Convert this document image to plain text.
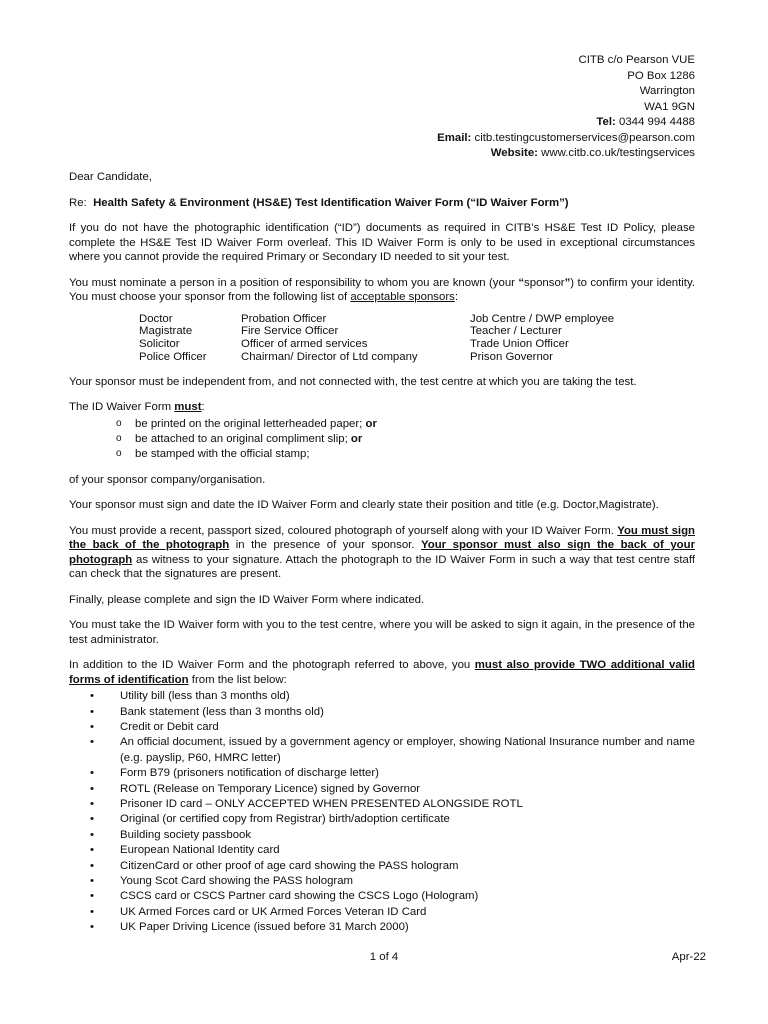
CITB c/o Pearson VUE
PO Box 1286
Warrington
WA1 9GN
Tel: 0344 994 4488
Email: citb.testingcustomerservices@pearson.com
Website: www.citb.co.uk/testingservices

Dear Candidate,

Re: Health Safety & Environment (HS&E) Test Identification Waiver Form (“ID Waiver Form”)

If you do not have the photographic identification (“ID”) documents as required in CITB’s HS&E Test ID Policy, please complete the HS&E Test ID Waiver Form overleaf. This ID Waiver Form is only to be used in exceptional circumstances where you cannot provide the required Primary or Secondary ID needed to sit your test.

You must nominate a person in a position of responsibility to whom you are known (your “sponsor”) to confirm your identity. You must choose your sponsor from the following list of acceptable sponsors:

Doctor	Probation Officer	Job Centre / DWP employee
Magistrate	Fire Service Officer	Teacher / Lecturer
Solicitor	Officer of armed services	Trade Union Officer
Police Officer	Chairman/ Director of Ltd company	Prison Governor

Your sponsor must be independent from, and not connected with, the test centre at which you are taking the test.

The ID Waiver Form must:

o be printed on the original letterheaded paper; or
o be attached to an original compliment slip; or
o be stamped with the official stamp;

of your sponsor company/organisation.

Your sponsor must sign and date the ID Waiver Form and clearly state their position and title (e.g. Doctor,Magistrate).

You must provide a recent, passport sized, coloured photograph of yourself along with your ID Waiver Form. You must sign the back of the photograph in the presence of your sponsor. Your sponsor must also sign the back of your photograph as witness to your signature. Attach the photograph to the ID Waiver Form in such a way that test centre staff can check that the signatures are present.

Finally, please complete and sign the ID Waiver Form where indicated.

You must take the ID Waiver form with you to the test centre, where you will be asked to sign it again, in the presence of the test administrator.

In addition to the ID Waiver Form and the photograph referred to above, you must also provide TWO additional valid forms of identification from the list below:

• Utility bill (less than 3 months old)
• Bank statement (less than 3 months old)
• Credit or Debit card
• An official document, issued by a government agency or employer, showing National Insurance number and name (e.g. payslip, P60, HMRC letter)
• Form B79 (prisoners notification of discharge letter)
• ROTL (Release on Temporary Licence) signed by Governor
• Prisoner ID card – ONLY ACCEPTED WHEN PRESENTED ALONGSIDE ROTL
• Original (or certified copy from Registrar) birth/adoption certificate
• Building society passbook
• European National Identity card
• CitizenCard or other proof of age card showing the PASS hologram
• Young Scot Card showing the PASS hologram
• CSCS card or CSCS Partner card showing the CSCS Logo (Hologram)
• UK Armed Forces card or UK Armed Forces Veteran ID Card
• UK Paper Driving Licence (issued before 31 March 2000)
1 of 4	Apr-22
